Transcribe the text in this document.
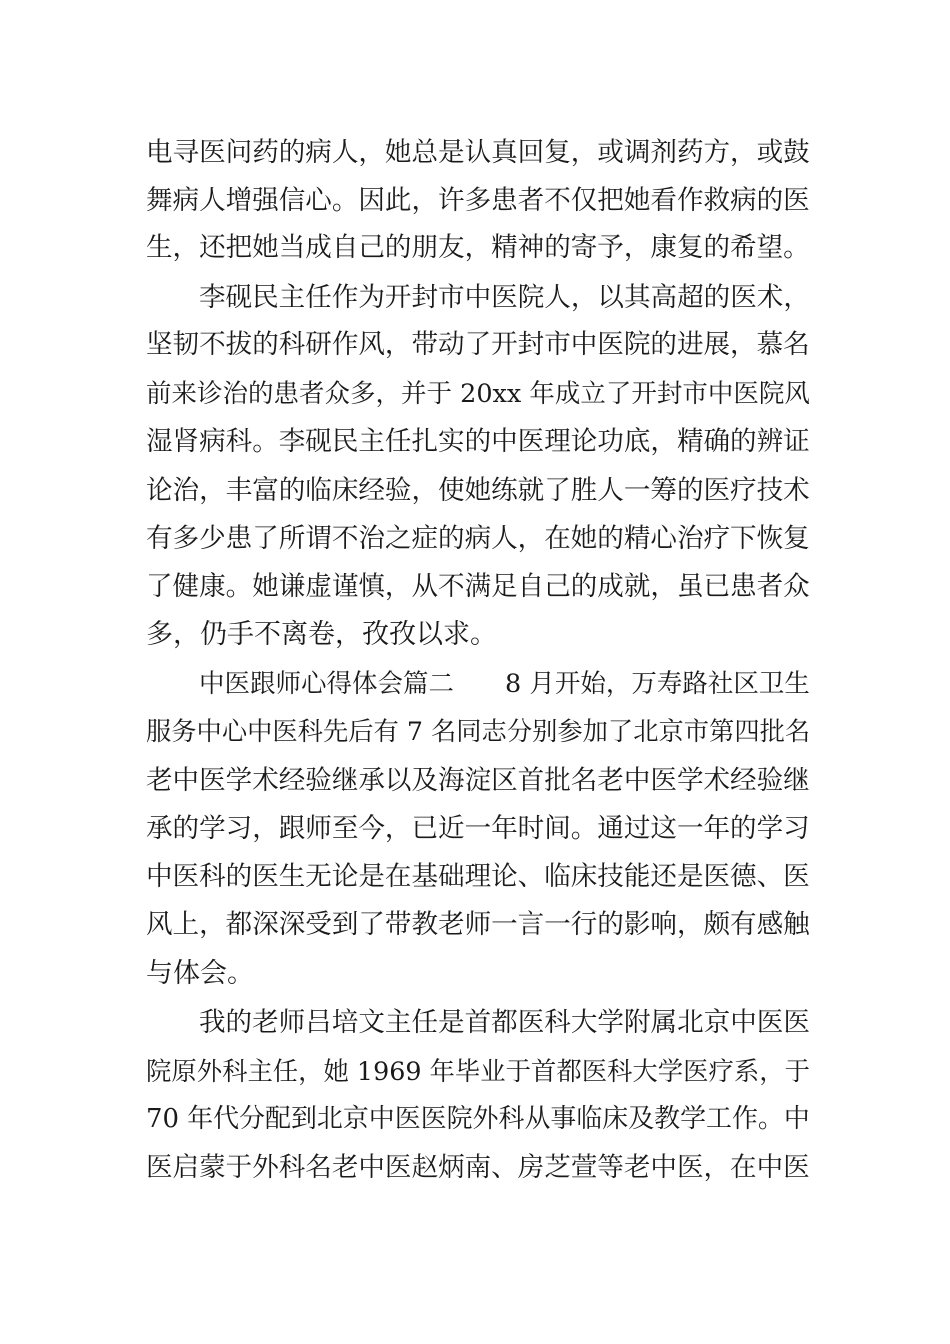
电寻医问药的病人，她总是认真回复，或调剂药方，或鼓
舞病人增强信心。因此，许多患者不仅把她看作救病的医
生，还把她当成自己的朋友，精神的寄予，康复的希望。
李砚民主任作为开封市中医院人，以其高超的医术，
坚韧不拔的科研作风，带动了开封市中医院的进展，慕名
前来诊治的患者众多，并于 20xx 年成立了开封市中医院风
湿肾病科。李砚民主任扎实的中医理论功底，精确的辨证
论治，丰富的临床经验，使她练就了胜人一筹的医疗技术
有多少患了所谓不治之症的病人，在她的精心治疗下恢复
了健康。她谦虚谨慎，从不满足自己的成就，虽已患者众
多，仍手不离卷，孜孜以求。
中医跟师心得体会篇二　　8 月开始，万寿路社区卫生
服务中心中医科先后有 7 名同志分别参加了北京市第四批名
老中医学术经验继承以及海淀区首批名老中医学术经验继
承的学习，跟师至今，已近一年时间。通过这一年的学习
中医科的医生无论是在基础理论、临床技能还是医德、医
风上，都深深受到了带教老师一言一行的影响，颇有感触
与体会。
我的老师吕培文主任是首都医科大学附属北京中医医
院原外科主任，她 1969 年毕业于首都医科大学医疗系，于
70 年代分配到北京中医医院外科从事临床及教学工作。中
医启蒙于外科名老中医赵炳南、房芝萱等老中医，在中医
